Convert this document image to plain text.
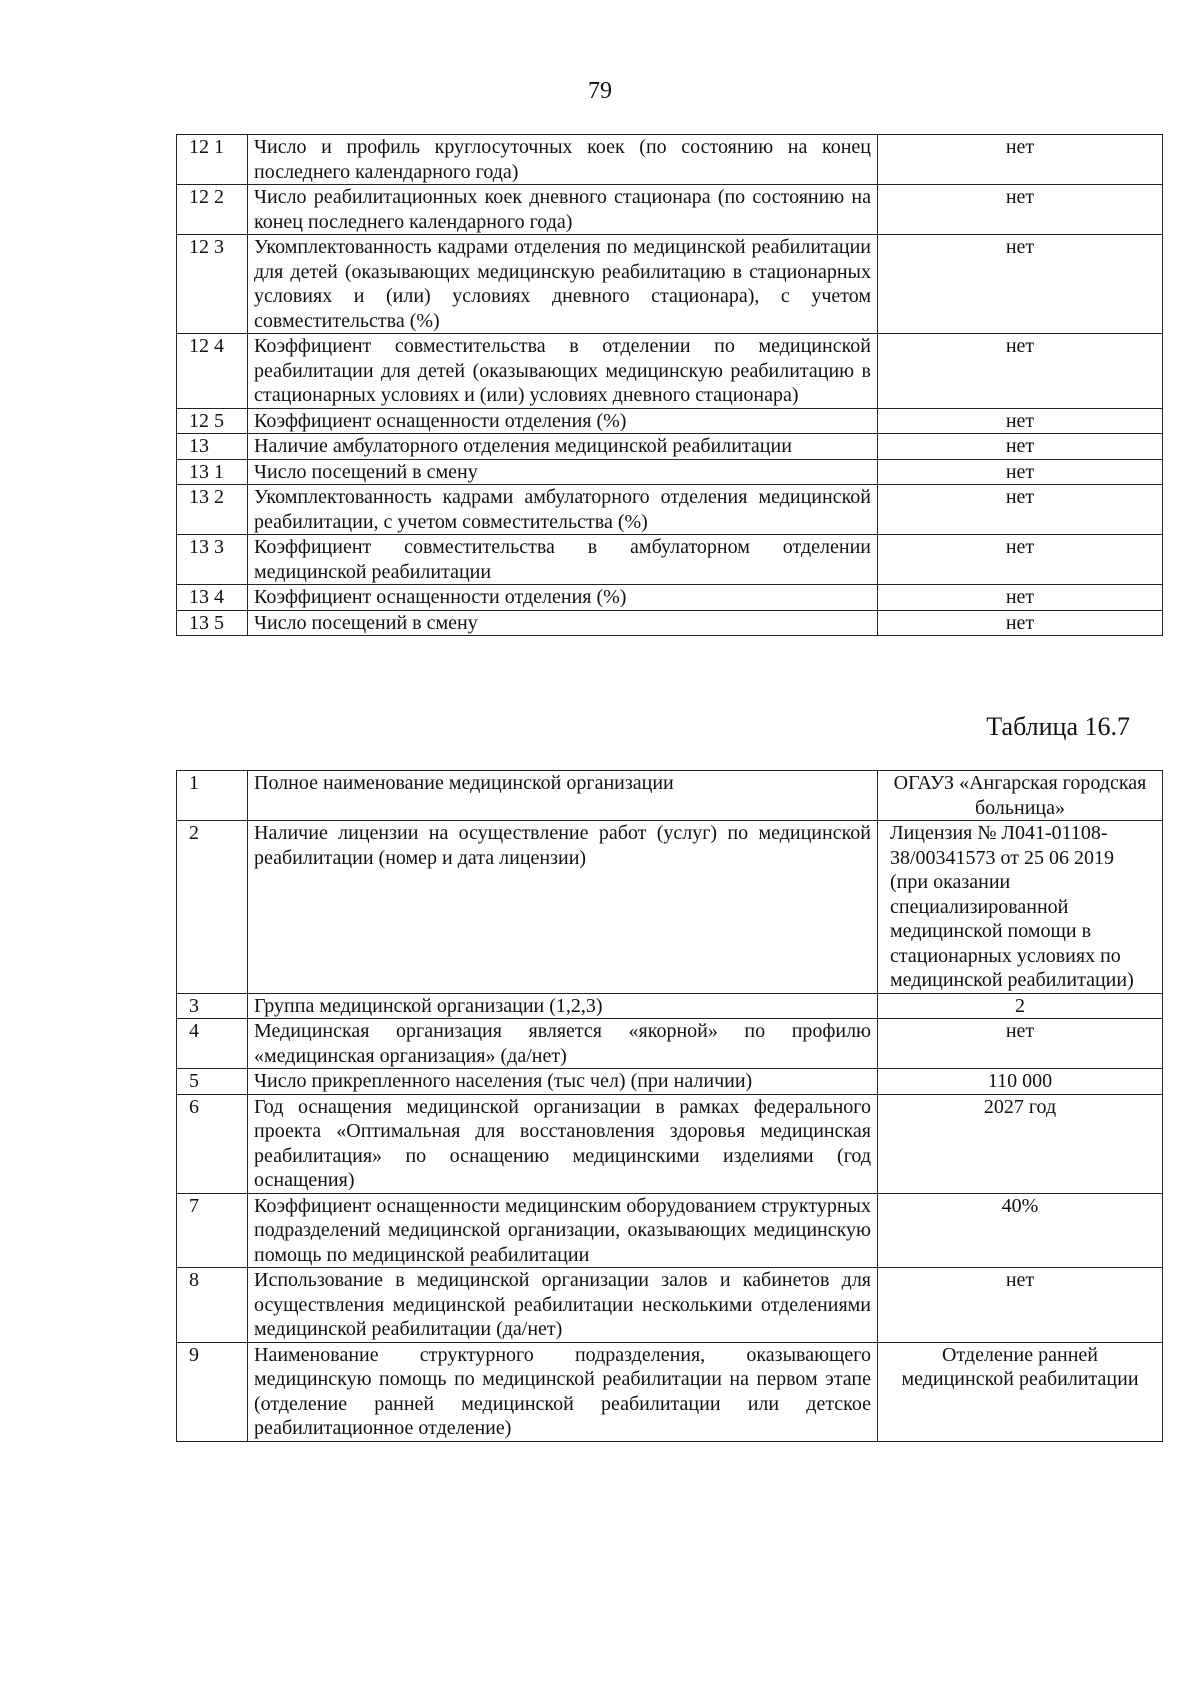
79
12 1	Число и профиль круглосуточных коек (по состоянию на конец последнего календарного года)	нет
12 2	Число реабилитационных коек дневного стационара (по состоянию на конец последнего календарного года)	нет
12 3	Укомплектованность кадрами отделения по медицинской реабилитации для детей (оказывающих медицинскую реабилитацию в стационарных условиях и (или) условиях дневного стационара), с учетом совместительства (%)	нет
12 4	Коэффициент совместительства в отделении по медицинской реабилитации для детей (оказывающих медицинскую реабилитацию в стационарных условиях и (или) условиях дневного стационара)	нет
12 5	Коэффициент оснащенности отделения (%)	нет
13	Наличие амбулаторного отделения медицинской реабилитации	нет
13 1	Число посещений в смену	нет
13 2	Укомплектованность кадрами амбулаторного отделения медицинской реабилитации, с учетом совместительства (%)	нет
13 3	Коэффициент совместительства в амбулаторном отделении медицинской реабилитации	нет
13 4	Коэффициент оснащенности отделения (%)	нет
13 5	Число посещений в смену	нет
Таблица 16.7
1	Полное наименование медицинской организации	ОГАУЗ «Ангарская городская больница»
2	Наличие лицензии на осуществление работ (услуг) по медицинской реабилитации (номер и дата лицензии)	Лицензия № Л041-01108-38/00341573 от 25 06 2019 (при оказании специализированной медицинской помощи в стационарных условиях по медицинской реабилитации)
3	Группа медицинской организации (1,2,3)	2
4	Медицинская организация является «якорной» по профилю «медицинская организация» (да/нет)	нет
5	Число прикрепленного населения (тыс чел) (при наличии)	110 000
6	Год оснащения медицинской организации в рамках федерального проекта «Оптимальная для восстановления здоровья медицинская реабилитация» по оснащению медицинскими изделиями (год оснащения)	2027 год
7	Коэффициент оснащенности медицинским оборудованием структурных подразделений медицинской организации, оказывающих медицинскую помощь по медицинской реабилитации	40%
8	Использование в медицинской организации залов и кабинетов для осуществления медицинской реабилитации несколькими отделениями медицинской реабилитации (да/нет)	нет
9	Наименование структурного подразделения, оказывающего медицинскую помощь по медицинской реабилитации на первом этапе (отделение ранней медицинской реабилитации или детское реабилитационное отделение)	Отделение ранней медицинской реабилитации
